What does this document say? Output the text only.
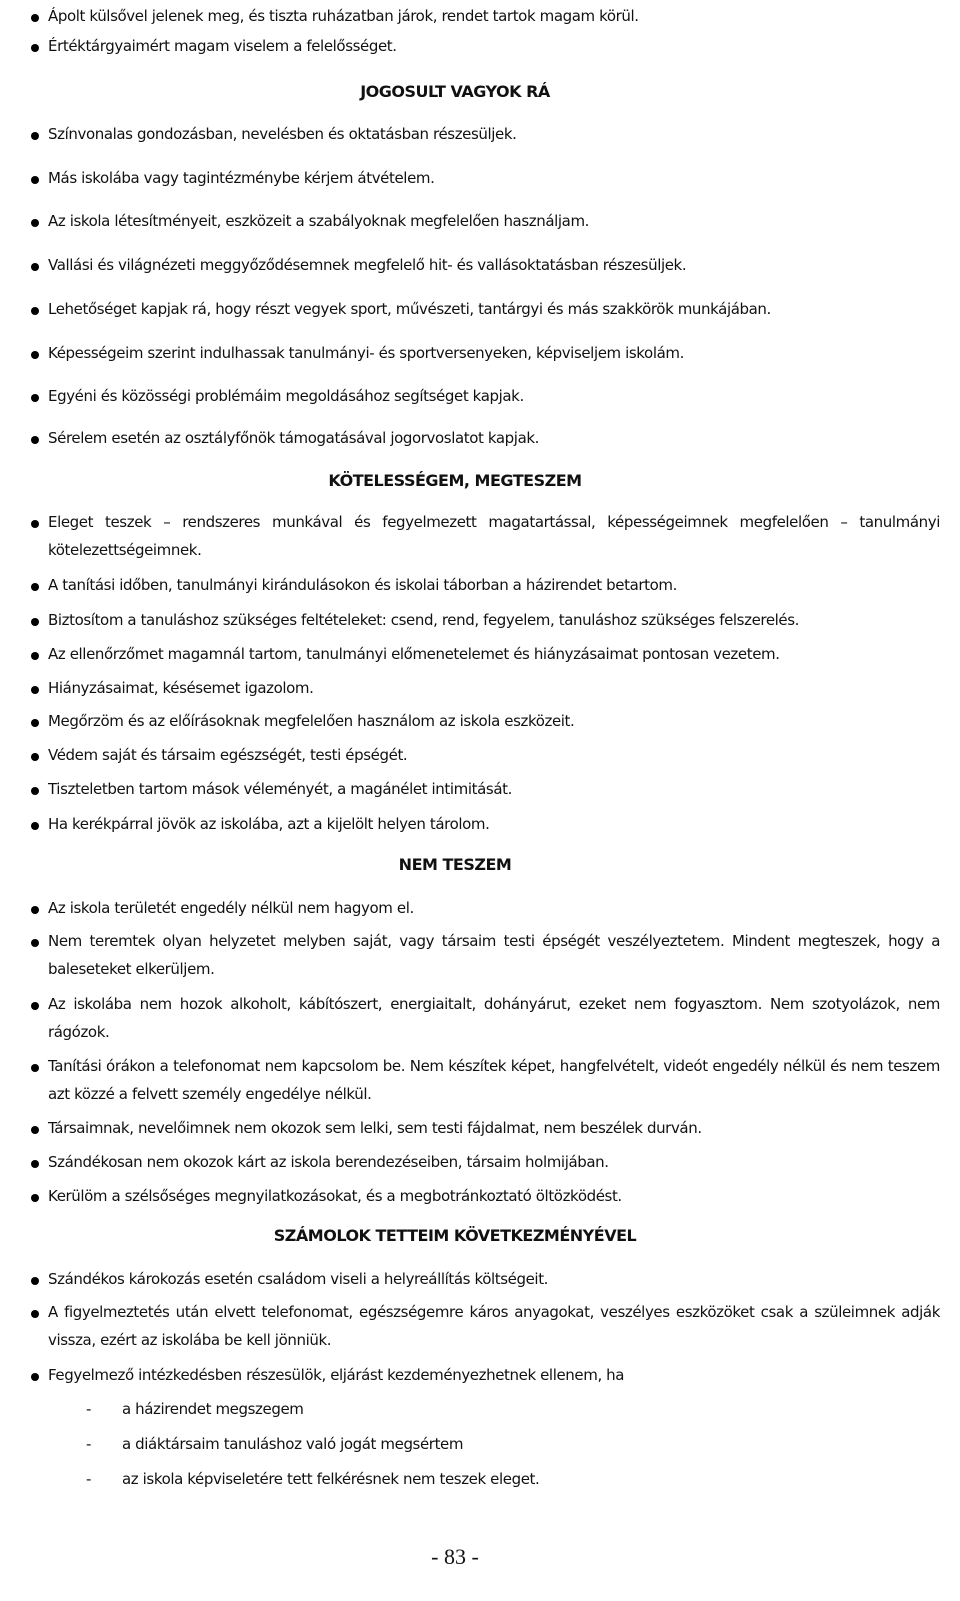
Ápolt külsővel jelenek meg, és tiszta ruházatban járok, rendet tartok magam körül.
Értéktárgyaimért magam viselem a felelősséget.
JOGOSULT VAGYOK RÁ
Színvonalas gondozásban, nevelésben és oktatásban részesüljek.
Más iskolába vagy tagintézménybe kérjem átvételem.
Az iskola létesítményeit, eszközeit a szabályoknak megfelelően használjam.
Vallási és világnézeti meggyőződésemnek megfelelő hit- és vallásoktatásban részesüljek.
Lehetőséget kapjak rá, hogy részt vegyek sport, művészeti, tantárgyi és más szakkörök munkájában.
Képességeim szerint indulhassak tanulmányi- és sportversenyeken, képviseljem iskolám.
Egyéni és közösségi problémáim megoldásához segítséget kapjak.
Sérelem esetén az osztályfőnök támogatásával jogorvoslatot kapjak.
KÖTELESSÉGEM, MEGTESZEM
Eleget teszek – rendszeres munkával és fegyelmezett magatartással, képességeimnek megfelelően – tanulmányi kötelezettségeimnek.
A tanítási időben, tanulmányi kirándulásokon és iskolai táborban a házirendet betartom.
Biztosítom a tanuláshoz szükséges feltételeket: csend, rend, fegyelem, tanuláshoz szükséges felszerelés.
Az ellenőrzőmet magamnál tartom, tanulmányi előmenetelemet és hiányzásaimat pontosan vezetem.
Hiányzásaimat, késésemet igazolom.
Megőrzöm és az előírásoknak megfelelően használom az iskola eszközeit.
Védem saját és társaim egészségét, testi épségét.
Tiszteletben tartom mások véleményét, a magánélet intimitását.
Ha kerékpárral jövök az iskolába, azt a kijelölt helyen tárolom.
NEM TESZEM
Az iskola területét engedély nélkül nem hagyom el.
Nem teremtek olyan helyzetet melyben saját, vagy társaim testi épségét veszélyeztetem. Mindent megteszek, hogy a baleseteket elkerüljem.
Az iskolába nem hozok alkoholt, kábítószert, energiaitalt, dohányárut, ezeket nem fogyasztom. Nem szotyolázok, nem rágózok.
Tanítási órákon a telefonomat nem kapcsolom be. Nem készítek képet, hangfelvételt, videót engedély nélkül és nem teszem azt közzé a felvett személy engedélye nélkül.
Társaimnak, nevelőimnek nem okozok sem lelki, sem testi fájdalmat, nem beszélek durván.
Szándékosan nem okozok kárt az iskola berendezéseiben, társaim holmijában.
Kerülöm a szélsőséges megnyilatkozásokat, és a megbotránkoztató öltözködést.
SZÁMOLOK TETTEIM KÖVETKEZMÉNYÉVEL
Szándékos károkozás esetén családom viseli a helyreállítás költségeit.
A figyelmeztetés után elvett telefonomat, egészségemre káros anyagokat, veszélyes eszközöket csak a szüleimnek adják vissza, ezért az iskolába be kell jönniük.
Fegyelmező intézkedésben részesülök, eljárást kezdeményezhetnek ellenem, ha
- a házirendet megszegem
- a diáktársaim tanuláshoz való jogát megsértem
- az iskola képviseletére tett felkérésnek nem teszek eleget.
- 83 -
